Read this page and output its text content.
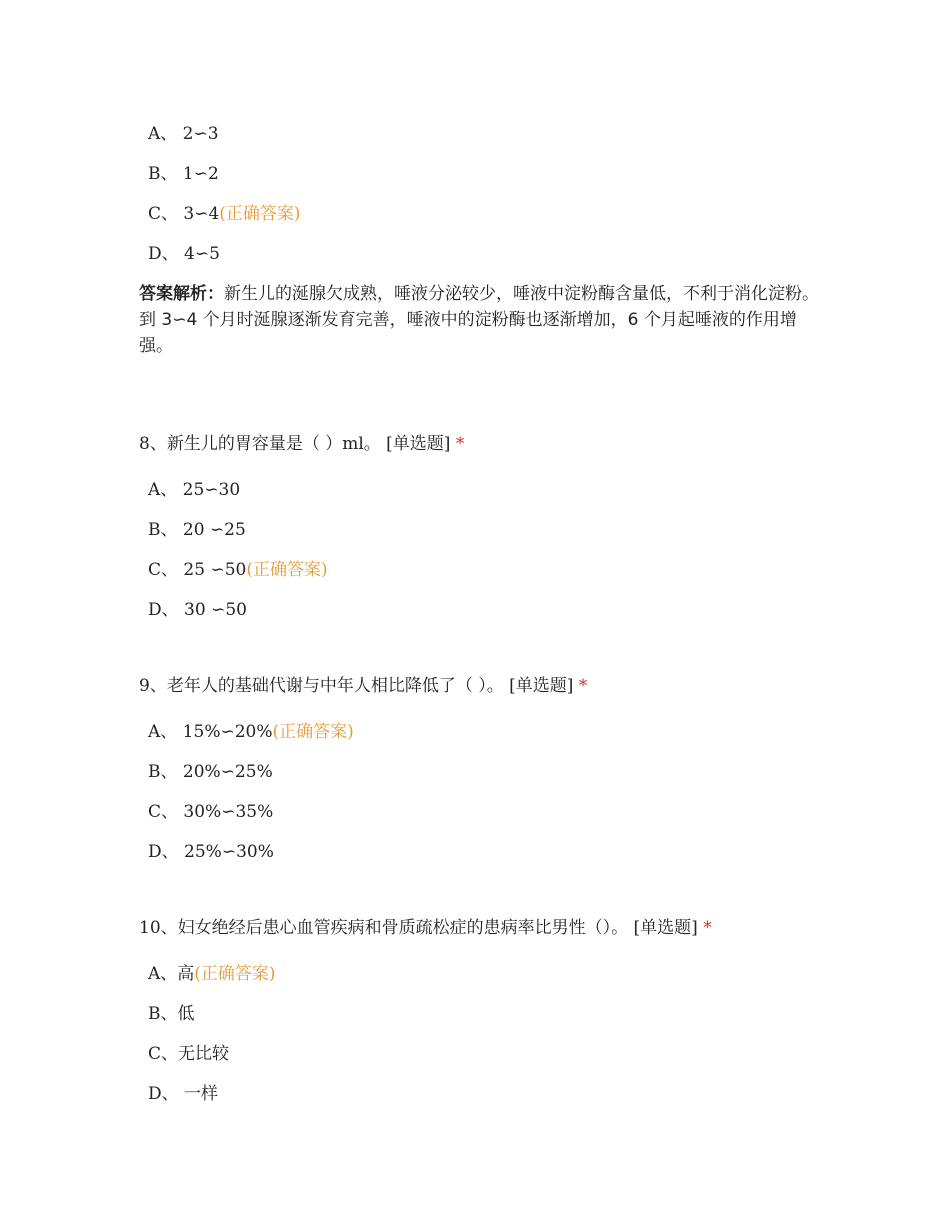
A、 2∽3
B、 1∽2
C、 3∽4(正确答案)
D、 4∽5
答案解析：新生儿的涎腺欠成熟，唾液分泌较少，唾液中淀粉酶含量低，不利于消化淀粉。到 3∽4 个月时涎腺逐渐发育完善，唾液中的淀粉酶也逐渐增加，6 个月起唾液的作用增强。
8、新生儿的胃容量是（ ）ml。 [单选题] *
A、 25∽30
B、 20 ∽25
C、 25 ∽50(正确答案)
D、 30 ∽50
9、老年人的基础代谢与中年人相比降低了（ ）。 [单选题] *
A、 15%∽20%(正确答案)
B、 20%∽25%
C、 30%∽35%
D、 25%∽30%
10、妇女绝经后患心血管疾病和骨质疏松症的患病率比男性（）。 [单选题] *
A、高(正确答案)
B、低
C、无比较
D、 一样
